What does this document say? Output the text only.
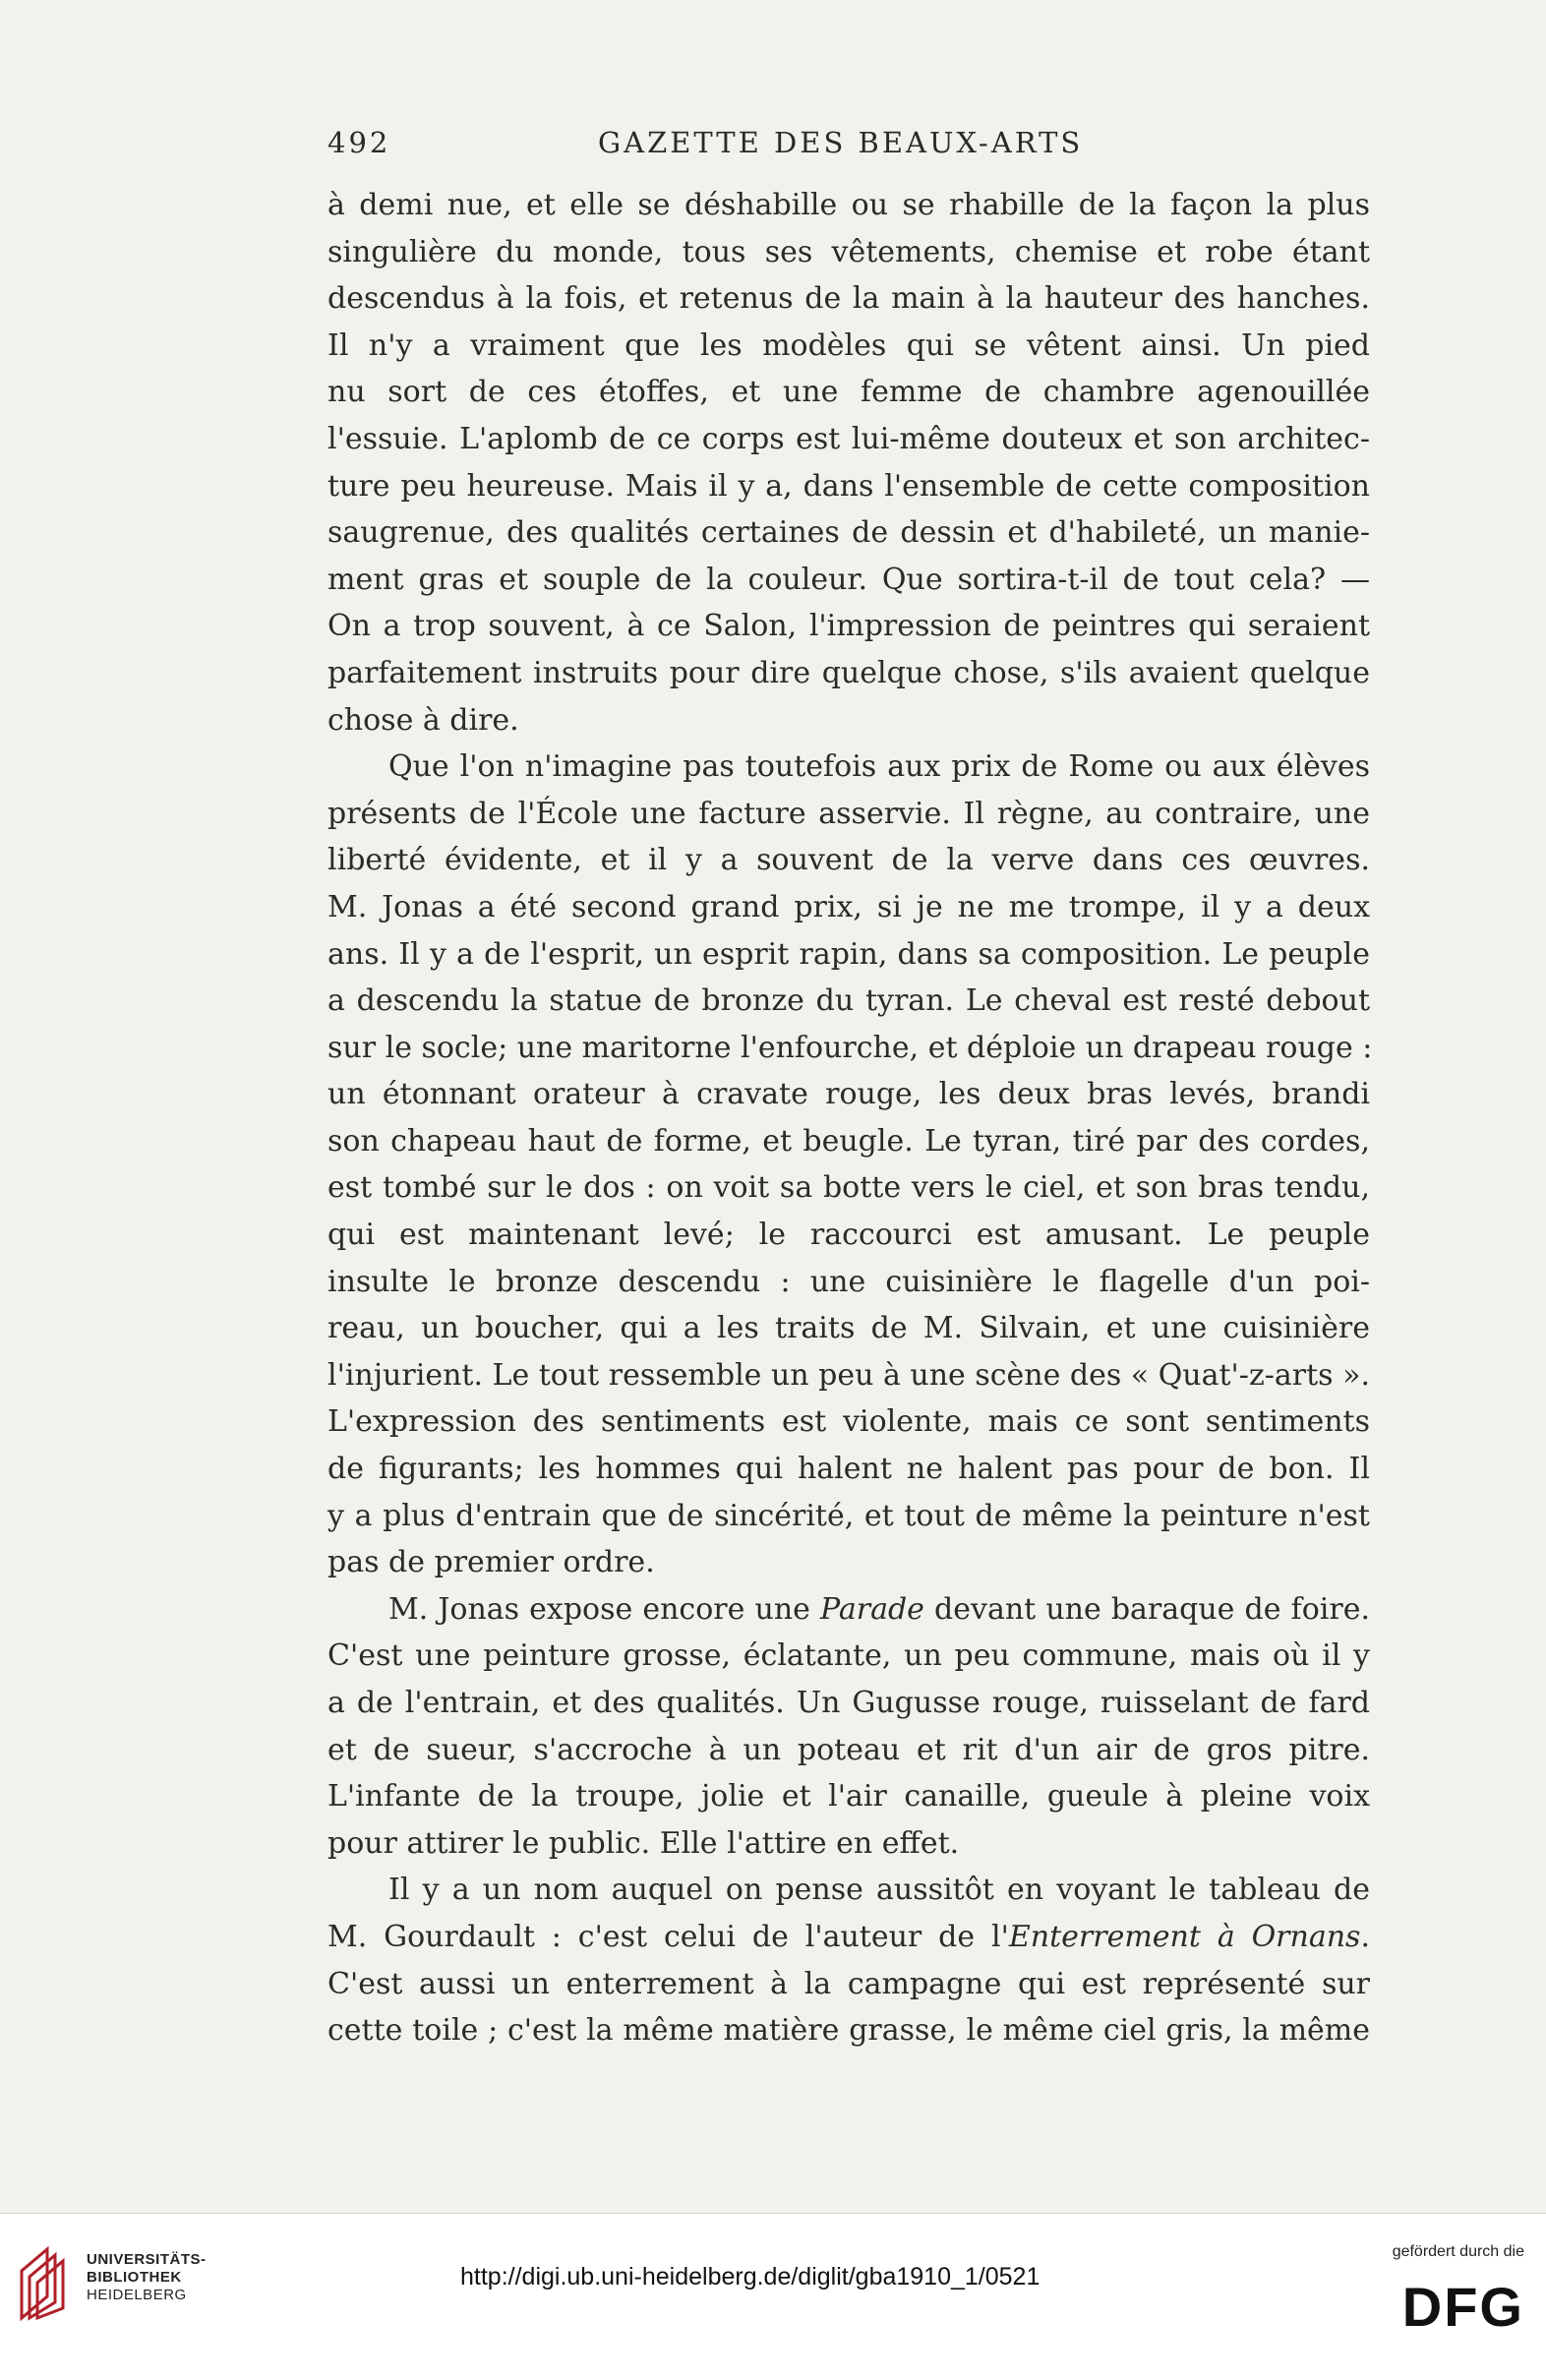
492	GAZETTE DES BEAUX-ARTS
à demi nue, et elle se déshabille ou se rhabille de la façon la plus
singulière du monde, tous ses vêtements, chemise et robe étant
descendus à la fois, et retenus de la main à la hauteur des hanches.
Il n'y a vraiment que les modèles qui se vêtent ainsi. Un pied
nu sort de ces étoffes, et une femme de chambre agenouillée
l'essuie. L'aplomb de ce corps est lui-même douteux et son architec-
ture peu heureuse. Mais il y a, dans l'ensemble de cette composition
saugrenue, des qualités certaines de dessin et d'habileté, un manie-
ment gras et souple de la couleur. Que sortira-t-il de tout cela? —
On a trop souvent, à ce Salon, l'impression de peintres qui seraient
parfaitement instruits pour dire quelque chose, s'ils avaient quelque
chose à dire.
Que l'on n'imagine pas toutefois aux prix de Rome ou aux élèves
présents de l'École une facture asservie. Il règne, au contraire, une
liberté évidente, et il y a souvent de la verve dans ces œuvres.
M. Jonas a été second grand prix, si je ne me trompe, il y a deux
ans. Il y a de l'esprit, un esprit rapin, dans sa composition. Le peuple
a descendu la statue de bronze du tyran. Le cheval est resté debout
sur le socle; une maritorne l'enfourche, et déploie un drapeau rouge :
un étonnant orateur à cravate rouge, les deux bras levés, brandi
son chapeau haut de forme, et beugle. Le tyran, tiré par des cordes,
est tombé sur le dos : on voit sa botte vers le ciel, et son bras tendu,
qui est maintenant levé; le raccourci est amusant. Le peuple
insulte le bronze descendu : une cuisinière le flagelle d'un poi-
reau, un boucher, qui a les traits de M. Silvain, et une cuisinière
l'injurient. Le tout ressemble un peu à une scène des « Quat'-z-arts ».
L'expression des sentiments est violente, mais ce sont sentiments
de figurants; les hommes qui halent ne halent pas pour de bon. Il
y a plus d'entrain que de sincérité, et tout de même la peinture n'est
pas de premier ordre.
M. Jonas expose encore une Parade devant une baraque de foire.
C'est une peinture grosse, éclatante, un peu commune, mais où il y
a de l'entrain, et des qualités. Un Gugusse rouge, ruisselant de fard
et de sueur, s'accroche à un poteau et rit d'un air de gros pitre.
L'infante de la troupe, jolie et l'air canaille, gueule à pleine voix
pour attirer le public. Elle l'attire en effet.
Il y a un nom auquel on pense aussitôt en voyant le tableau de
M. Gourdault : c'est celui de l'auteur de l'Enterrement à Ornans.
C'est aussi un enterrement à la campagne qui est représenté sur
cette toile ; c'est la même matière grasse, le même ciel gris, la même
UNIVERSITÄTS-
BIBLIOTHEK
HEIDELBERG
http://digi.ub.uni-heidelberg.de/diglit/gba1910_1/0521
gefördert durch die
DFG
